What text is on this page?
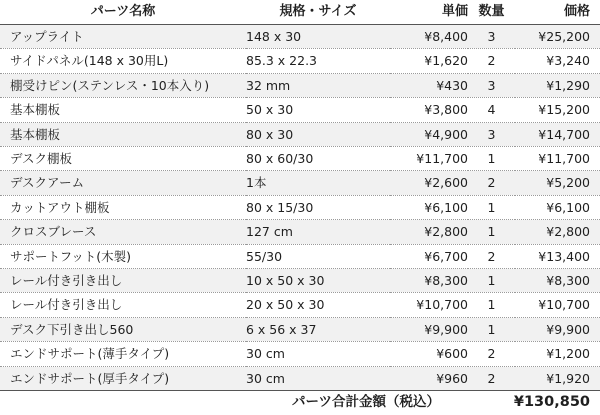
パーツ名称	規格・サイズ	単価	数量	価格
アップライト	148 x 30	¥8,400	3	¥25,200
サイドパネル(148 x 30用L)	85.3 x 22.3	¥1,620	2	¥3,240
棚受けピン(ステンレス・10本入り)	32 mm	¥430	3	¥1,290
基本棚板	50 x 30	¥3,800	4	¥15,200
基本棚板	80 x 30	¥4,900	3	¥14,700
デスク棚板	80 x 60/30	¥11,700	1	¥11,700
デスクアーム	1本	¥2,600	2	¥5,200
カットアウト棚板	80 x 15/30	¥6,100	1	¥6,100
クロスブレース	127 cm	¥2,800	1	¥2,800
サポートフット(木製)	55/30	¥6,700	2	¥13,400
レール付き引き出し	10 x 50 x 30	¥8,300	1	¥8,300
レール付き引き出し	20 x 50 x 30	¥10,700	1	¥10,700
デスク下引き出し560	6 x 56 x 37	¥9,900	1	¥9,900
エンドサポート(薄手タイプ)	30 cm	¥600	2	¥1,200
エンドサポート(厚手タイプ)	30 cm	¥960	2	¥1,920
パーツ合計金額（税込）			¥130,850	
